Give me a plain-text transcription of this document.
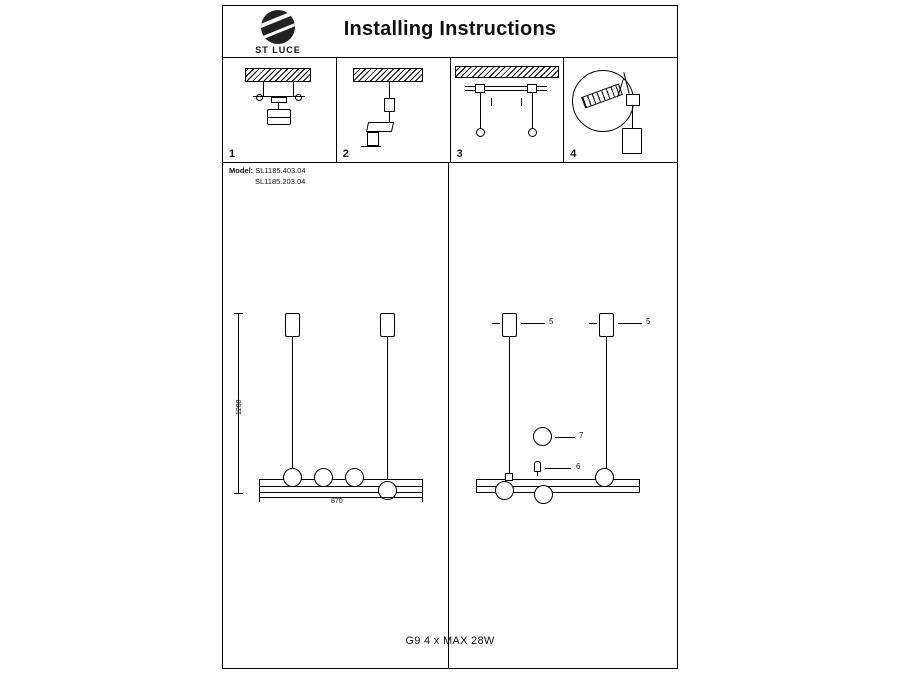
ST LUCE
Installing Instructions
1	2	3	4
Model: SL1185.403.04
SL1185.203.04
1200
870
5	5
7
6
G9 4 x MAX 28W
